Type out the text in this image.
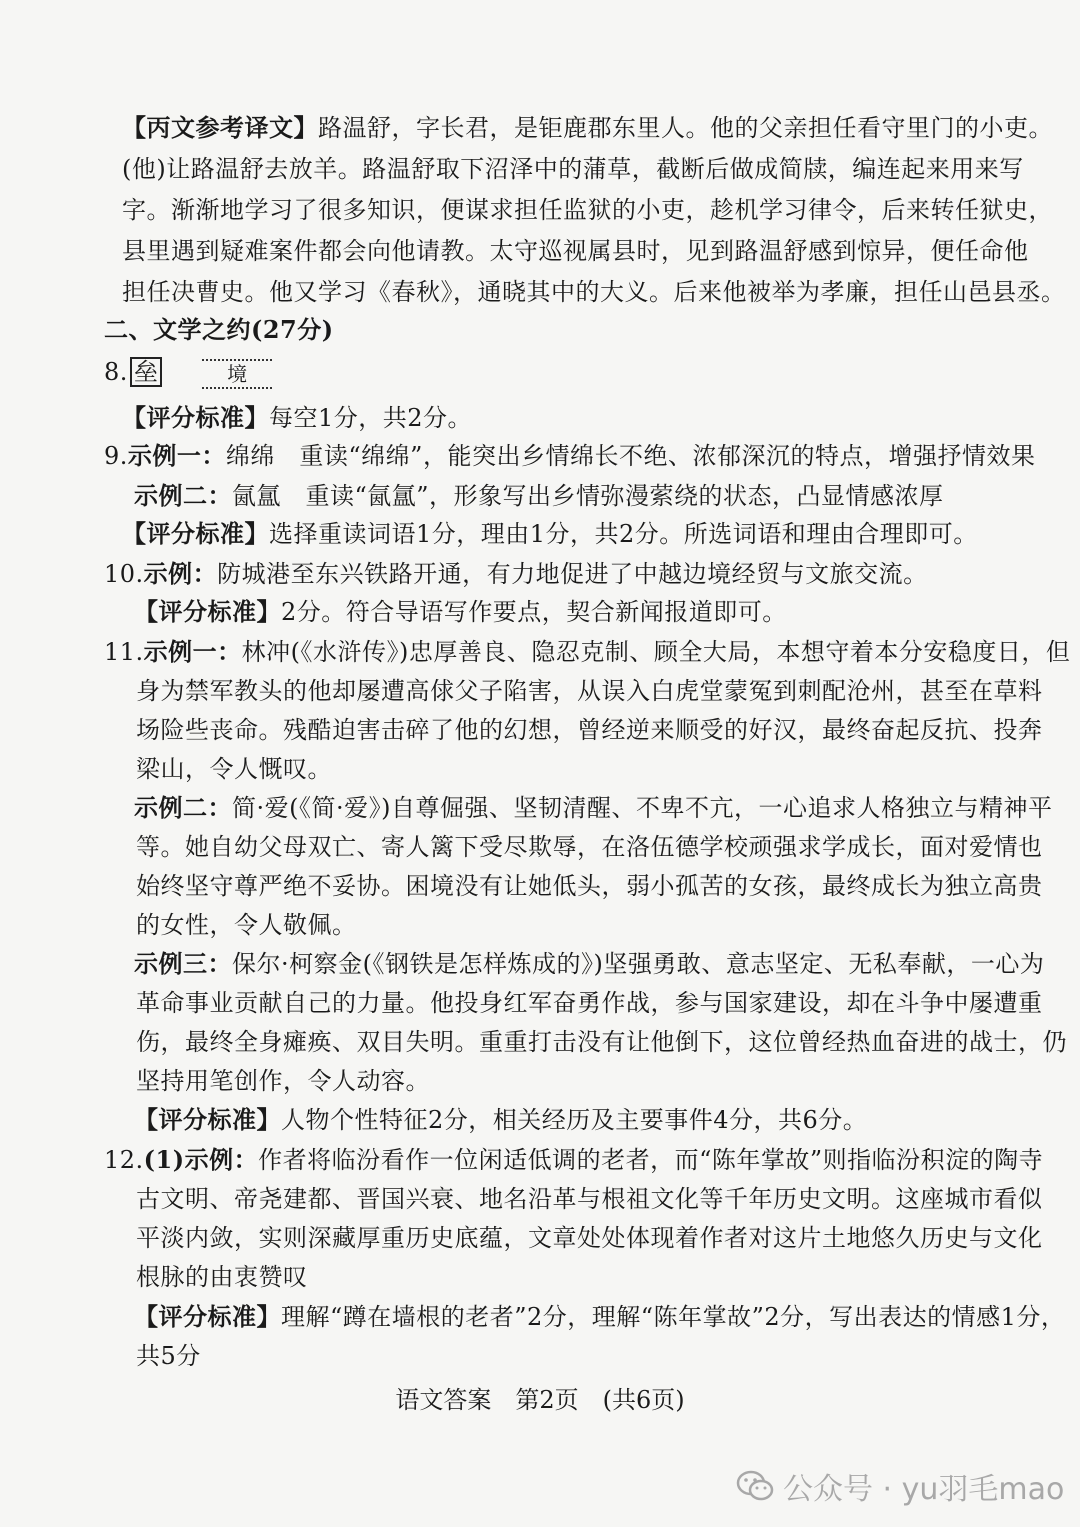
【丙文参考译文】路温舒，字长君，是钜鹿郡东里人。他的父亲担任看守里门的小吏。
(他)让路温舒去放羊。路温舒取下沼泽中的蒲草，截断后做成简牍，编连起来用来写
字。渐渐地学习了很多知识，便谋求担任监狱的小吏，趁机学习律令，后来转任狱史，
县里遇到疑难案件都会向他请教。太守巡视属县时，见到路温舒感到惊异，便任命他
担任决曹史。他又学习《春秋》，通晓其中的大义。后来他被举为孝廉，担任山邑县丞。
二、文学之约(27分)
8. 垒	境
【评分标准】每空1分，共2分。
9.示例一：绵绵　重读“绵绵”，能突出乡情绵长不绝、浓郁深沉的特点，增强抒情效果
示例二：氤氲　重读“氤氲”，形象写出乡情弥漫萦绕的状态，凸显情感浓厚
【评分标准】选择重读词语1分，理由1分，共2分。所选词语和理由合理即可。
10.示例：防城港至东兴铁路开通，有力地促进了中越边境经贸与文旅交流。
【评分标准】2分。符合导语写作要点，契合新闻报道即可。
11.示例一：林冲(《水浒传》)忠厚善良、隐忍克制、顾全大局，本想守着本分安稳度日，但
身为禁军教头的他却屡遭高俅父子陷害，从误入白虎堂蒙冤到刺配沧州，甚至在草料
场险些丧命。残酷迫害击碎了他的幻想，曾经逆来顺受的好汉，最终奋起反抗、投奔
梁山，令人慨叹。
示例二：简·爱(《简·爱》)自尊倔强、坚韧清醒、不卑不亢，一心追求人格独立与精神平
等。她自幼父母双亡、寄人篱下受尽欺辱，在洛伍德学校顽强求学成长，面对爱情也
始终坚守尊严绝不妥协。困境没有让她低头，弱小孤苦的女孩，最终成长为独立高贵
的女性，令人敬佩。
示例三：保尔·柯察金(《钢铁是怎样炼成的》)坚强勇敢、意志坚定、无私奉献，一心为
革命事业贡献自己的力量。他投身红军奋勇作战，参与国家建设，却在斗争中屡遭重
伤，最终全身瘫痪、双目失明。重重打击没有让他倒下，这位曾经热血奋进的战士，仍
坚持用笔创作，令人动容。
【评分标准】人物个性特征2分，相关经历及主要事件4分，共6分。
12.(1)示例：作者将临汾看作一位闲适低调的老者，而“陈年掌故”则指临汾积淀的陶寺
古文明、帝尧建都、晋国兴衰、地名沿革与根祖文化等千年历史文明。这座城市看似
平淡内敛，实则深藏厚重历史底蕴，文章处处体现着作者对这片土地悠久历史与文化
根脉的由衷赞叹
【评分标准】理解“蹲在墙根的老者”2分，理解“陈年掌故”2分，写出表达的情感1分，
共5分
语文答案　第2页　(共6页)
公众号 · yu羽毛mao
